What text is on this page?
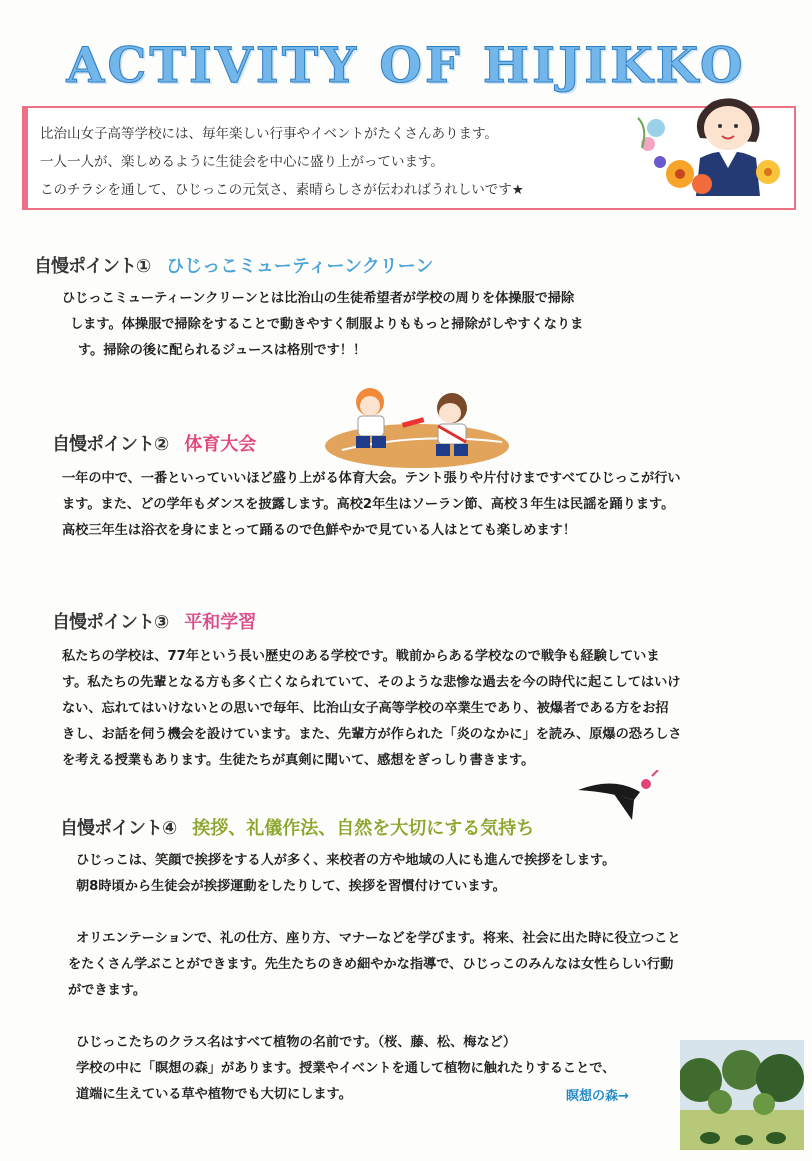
ACTIVITY OF HIJIKKO

比治山女子高等学校には、毎年楽しい行事やイベントがたくさんあります。

一人一人が、楽しめるように生徒会を中心に盛り上がっています。

このチラシを通して、ひじっこの元気さ、素晴らしさが伝わればうれしいです★

自慢ポイント① ひじっこミューティーンクリーン
ひじっこミューティーンクリーンとは比治山の生徒希望者が学校の周りを体操服で掃除
します。体操服で掃除をすることで動きやすく制服よりももっと掃除がしやすくなりま
す。掃除の後に配られるジュースは格別です！！
自慢ポイント② 体育大会
一年の中で、一番といっていいほど盛り上がる体育大会。テント張りや片付けまですべてひじっこが行い
ます。また、どの学年もダンスを披露します。高校2年生はソーラン節、高校３年生は民謡を踊ります。
高校三年生は浴衣を身にまとって踊るので色鮮やかで見ている人はとても楽しめます！
自慢ポイント③ 平和学習
私たちの学校は、77年という長い歴史のある学校です。戦前からある学校なので戦争も経験していま
す。私たちの先輩となる方も多く亡くなられていて、そのような悲惨な過去を今の時代に起こしてはいけ
ない、忘れてはいけないとの思いで毎年、比治山女子高等学校の卒業生であり、被爆者である方をお招
きし、お話を伺う機会を設けています。また、先輩方が作られた「炎のなかに」を読み、原爆の恐ろしさ
を考える授業もあります。生徒たちが真剣に聞いて、感想をぎっしり書きます。
自慢ポイント④ 挨拶、礼儀作法、自然を大切にする気持ち
ひじっこは、笑顔で挨拶をする人が多く、来校者の方や地域の人にも進んで挨拶をします。
朝8時頃から生徒会が挨拶運動をしたりして、挨拶を習慣付けています。
オリエンテーションで、礼の仕方、座り方、マナーなどを学びます。将来、社会に出た時に役立つこと
をたくさん学ぶことができます。先生たちのきめ細やかな指導で、ひじっこのみんなは女性らしい行動
ができます。
ひじっこたちのクラス名はすべて植物の名前です。（桜、藤、松、梅など）
学校の中に「瞑想の森」があります。授業やイベントを通して植物に触れたりすることで、
道端に生えている草や植物でも大切にします。	瞑想の森→
